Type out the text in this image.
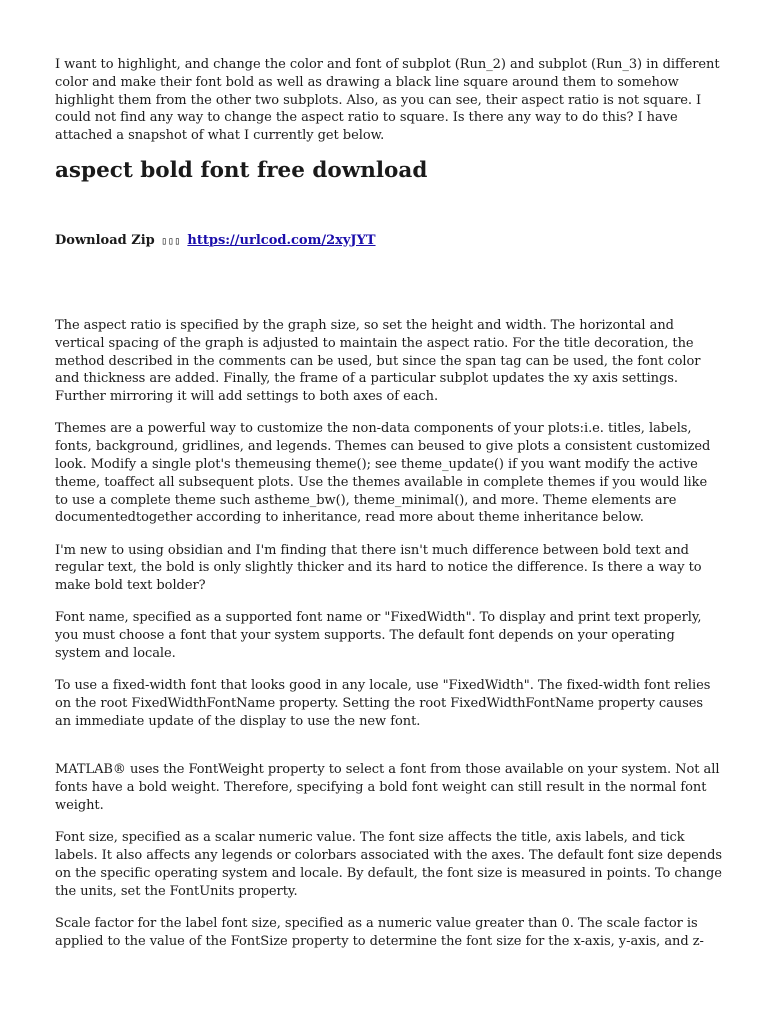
I want to highlight, and change the color and font of subplot (Run_2) and subplot (Run_3) in different color and make their font bold as well as drawing a black line square around them to somehow highlight them from the other two subplots. Also, as you can see, their aspect ratio is not square. I could not find any way to change the aspect ratio to square. Is there any way to do this? I have attached a snapshot of what I currently get below.

aspect bold font free download
Download Zip ▯▯▯ https://urlcod.com/2xyJYT

The aspect ratio is specified by the graph size, so set the height and width. The horizontal and vertical spacing of the graph is adjusted to maintain the aspect ratio. For the title decoration, the method described in the comments can be used, but since the span tag can be used, the font color and thickness are added. Finally, the frame of a particular subplot updates the xy axis settings. Further mirroring it will add settings to both axes of each.

Themes are a powerful way to customize the non-data components of your plots:i.e. titles, labels, fonts, background, gridlines, and legends. Themes can beused to give plots a consistent customized look. Modify a single plot's themeusing theme(); see theme_update() if you want modify the active theme, toaffect all subsequent plots. Use the themes available in complete themes if you would like to use a complete theme such astheme_bw(), theme_minimal(), and more. Theme elements are documentedtogether according to inheritance, read more about theme inheritance below.

I'm new to using obsidian and I'm finding that there isn't much difference between bold text and regular text, the bold is only slightly thicker and its hard to notice the difference. Is there a way to make bold text bolder?

Font name, specified as a supported font name or "FixedWidth". To display and print text properly, you must choose a font that your system supports. The default font depends on your operating system and locale.

To use a fixed-width font that looks good in any locale, use "FixedWidth". The fixed-width font relies on the root FixedWidthFontName property. Setting the root FixedWidthFontName property causes an immediate update of the display to use the new font.

MATLAB® uses the FontWeight property to select a font from those available on your system. Not all fonts have a bold weight. Therefore, specifying a bold font weight can still result in the normal font weight.

Font size, specified as a scalar numeric value. The font size affects the title, axis labels, and tick labels. It also affects any legends or colorbars associated with the axes. The default font size depends on the specific operating system and locale. By default, the font size is measured in points. To change the units, set the FontUnits property.

Scale factor for the label font size, specified as a numeric value greater than 0. The scale factor is applied to the value of the FontSize property to determine the font size for the x-axis, y-axis, and z-
